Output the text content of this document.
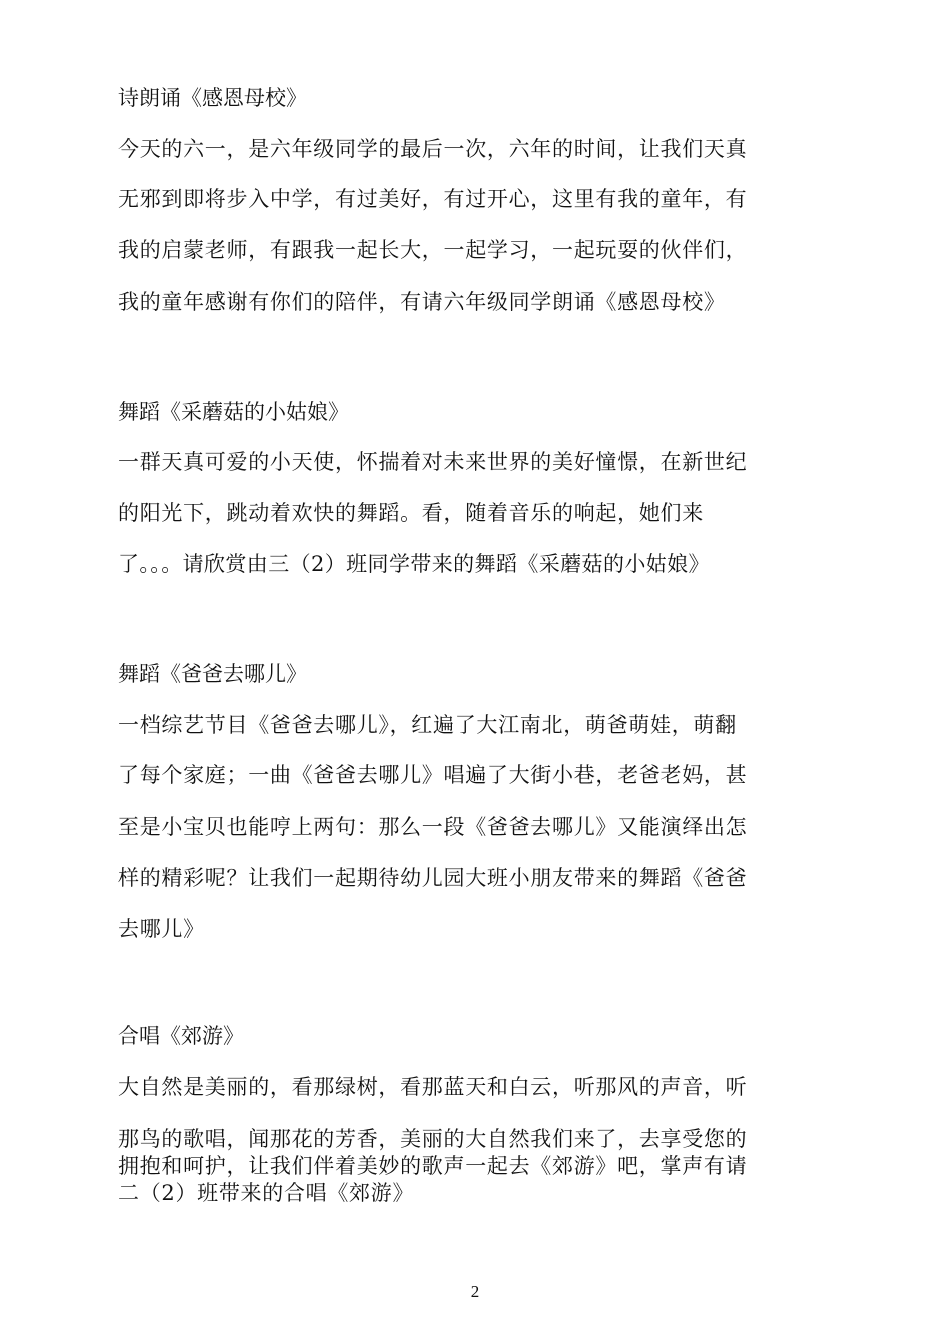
诗朗诵《感恩母校》
今天的六一，是六年级同学的最后一次，六年的时间，让我们天真
无邪到即将步入中学，有过美好，有过开心，这里有我的童年，有
我的启蒙老师，有跟我一起长大，一起学习，一起玩耍的伙伴们，
我的童年感谢有你们的陪伴，有请六年级同学朗诵《感恩母校》
舞蹈《采蘑菇的小姑娘》
一群天真可爱的小天使，怀揣着对未来世界的美好憧憬，在新世纪
的阳光下，跳动着欢快的舞蹈。看，随着音乐的响起，她们来
了。。。请欣赏由三（2）班同学带来的舞蹈《采蘑菇的小姑娘》
舞蹈《爸爸去哪儿》
一档综艺节目《爸爸去哪儿》，红遍了大江南北，萌爸萌娃，萌翻
了每个家庭；一曲《爸爸去哪儿》唱遍了大街小巷，老爸老妈，甚
至是小宝贝也能哼上两句：那么一段《爸爸去哪儿》又能演绎出怎
样的精彩呢？让我们一起期待幼儿园大班小朋友带来的舞蹈《爸爸
去哪儿》
合唱《郊游》
大自然是美丽的，看那绿树，看那蓝天和白云，听那风的声音，听
那鸟的歌唱，闻那花的芳香，美丽的大自然我们来了，去享受您的
拥抱和呵护，让我们伴着美妙的歌声一起去《郊游》吧，掌声有请
二（2）班带来的合唱《郊游》
2
